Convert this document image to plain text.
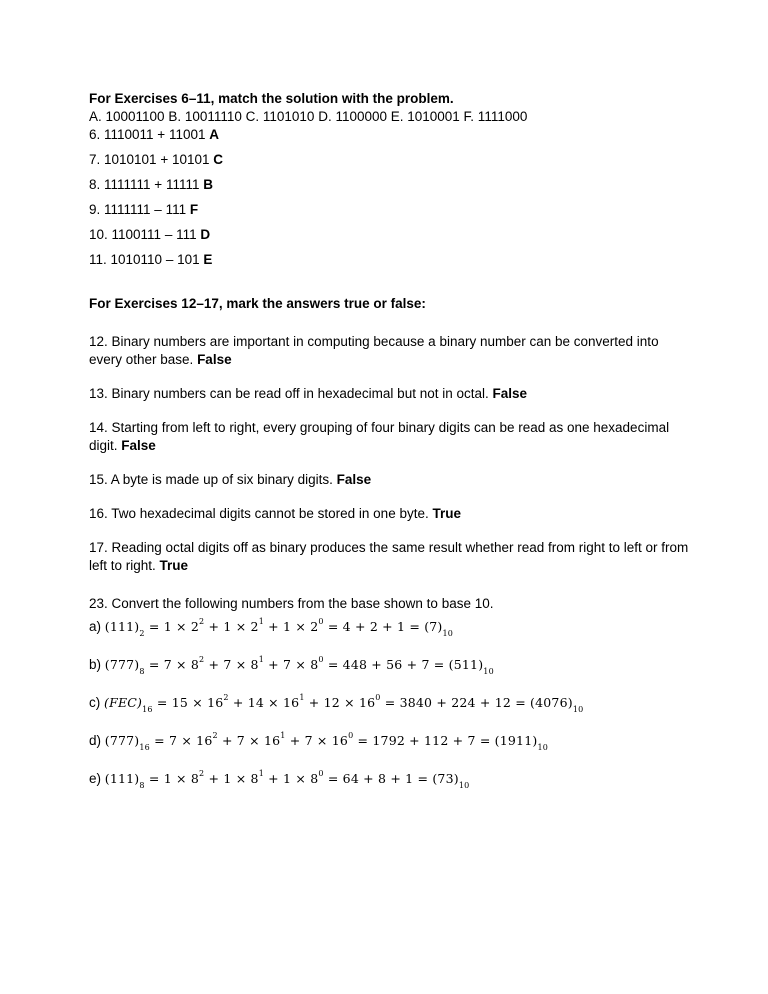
For Exercises 6–11, match the solution with the problem.

A. 10001100 B. 10011110 C. 1101010 D. 1100000 E. 1010001 F. 1111000

6. 1110011 + 11001 A

7. 1010101 + 10101 C

8. 1111111 + 11111 B

9. 1111111 – 111 F

10. 1100111 – 111 D

11. 1010110 – 101 E

For Exercises 12–17, mark the answers true or false:

12. Binary numbers are important in computing because a binary number can be converted into every other base. False

13. Binary numbers can be read off in hexadecimal but not in octal. False

14. Starting from left to right, every grouping of four binary digits can be read as one hexadecimal digit. False

15. A byte is made up of six binary digits. False

16. Two hexadecimal digits cannot be stored in one byte. True

17. Reading octal digits off as binary produces the same result whether read from right to left or from left to right. True

23. Convert the following numbers from the base shown to base 10.

a) $(111)_2 = 1 \times 2^2 + 1 \times 2^1 + 1 \times 2^0 = 4 + 2 + 1 = (7)_{10}$

b) $(777)_8 = 7 \times 8^2 + 7 \times 8^1 + 7 \times 8^0 = 448 + 56 + 7 = (511)_{10}$

c) $(FEC)_{16} = 15 \times 16^2 + 14 \times 16^1 + 12 \times 16^0 = 3840 + 224 + 12 = (4076)_{10}$

d) $(777)_{16} = 7 \times 16^2 + 7 \times 16^1 + 7 \times 16^0 = 1792 + 112 + 7 = (1911)_{10}$

e) $(111)_8 = 1 \times 8^2 + 1 \times 8^1 + 1 \times 8^0 = 64 + 8 + 1 = (73)_{10}$
